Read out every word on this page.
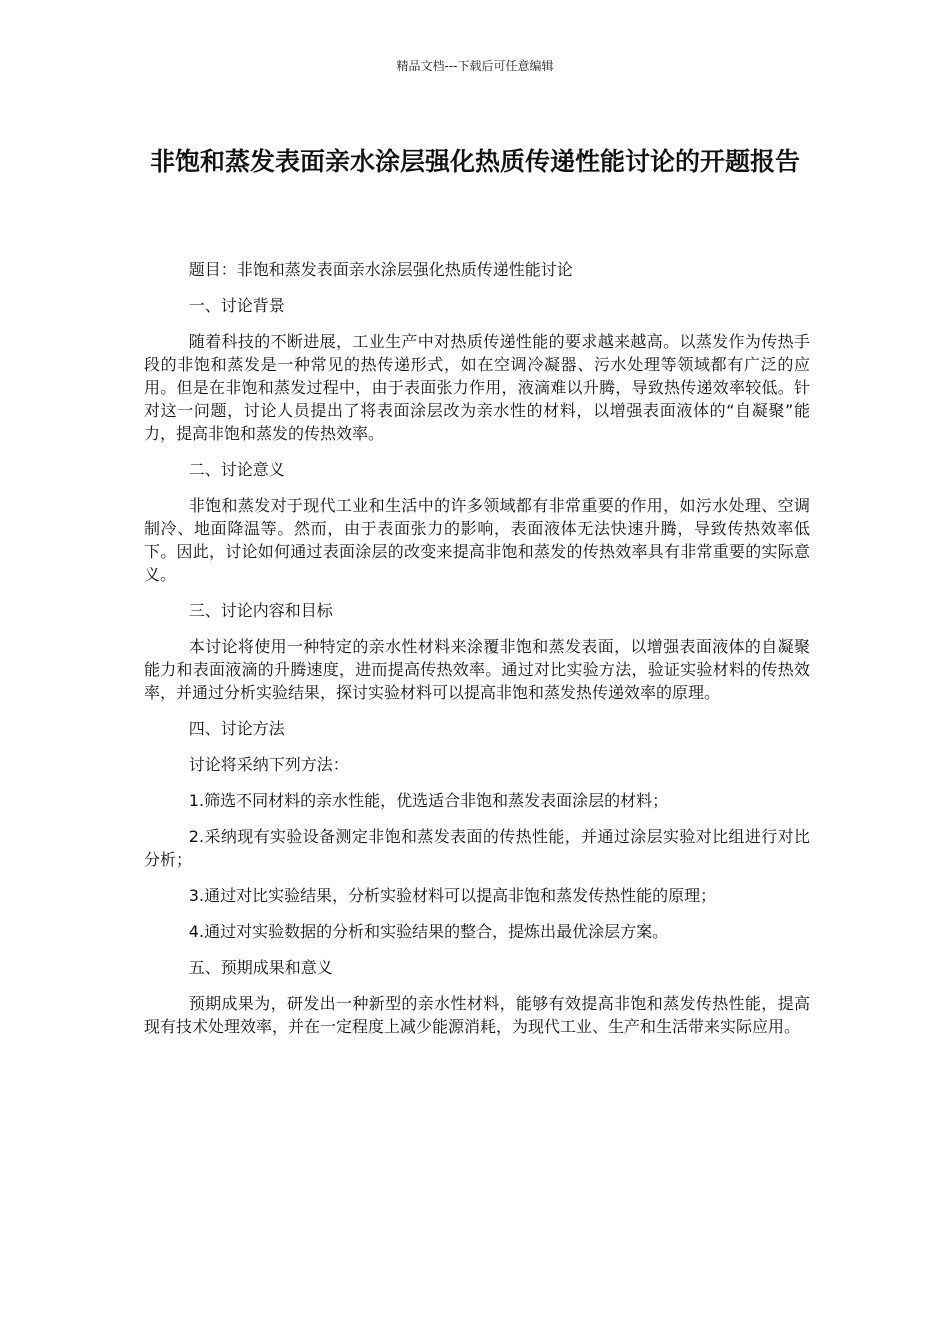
精品文档---下载后可任意编辑
非饱和蒸发表面亲水涂层强化热质传递性能讨论的开题报告

题目：非饱和蒸发表面亲水涂层强化热质传递性能讨论

一、讨论背景

随着科技的不断进展，工业生产中对热质传递性能的要求越来越高。以蒸发作为传热手段的非饱和蒸发是一种常见的热传递形式，如在空调冷凝器、污水处理等领域都有广泛的应用。但是在非饱和蒸发过程中，由于表面张力作用，液滴难以升腾，导致热传递效率较低。针对这一问题，讨论人员提出了将表面涂层改为亲水性的材料，以增强表面液体的“自凝聚”能力，提高非饱和蒸发的传热效率。

二、讨论意义

非饱和蒸发对于现代工业和生活中的许多领域都有非常重要的作用，如污水处理、空调制冷、地面降温等。然而，由于表面张力的影响，表面液体无法快速升腾，导致传热效率低下。因此，讨论如何通过表面涂层的改变来提高非饱和蒸发的传热效率具有非常重要的实际意义。

三、讨论内容和目标

本讨论将使用一种特定的亲水性材料来涂覆非饱和蒸发表面，以增强表面液体的自凝聚能力和表面液滴的升腾速度，进而提高传热效率。通过对比实验方法，验证实验材料的传热效率，并通过分析实验结果，探讨实验材料可以提高非饱和蒸发热传递效率的原理。

四、讨论方法

讨论将采纳下列方法：

1.筛选不同材料的亲水性能，优选适合非饱和蒸发表面涂层的材料；

2.采纳现有实验设备测定非饱和蒸发表面的传热性能，并通过涂层实验对比组进行对比分析；

3.通过对比实验结果，分析实验材料可以提高非饱和蒸发传热性能的原理；

4.通过对实验数据的分析和实验结果的整合，提炼出最优涂层方案。

五、预期成果和意义

预期成果为，研发出一种新型的亲水性材料，能够有效提高非饱和蒸发传热性能，提高现有技术处理效率，并在一定程度上减少能源消耗，为现代工业、生产和生活带来实际应用。
